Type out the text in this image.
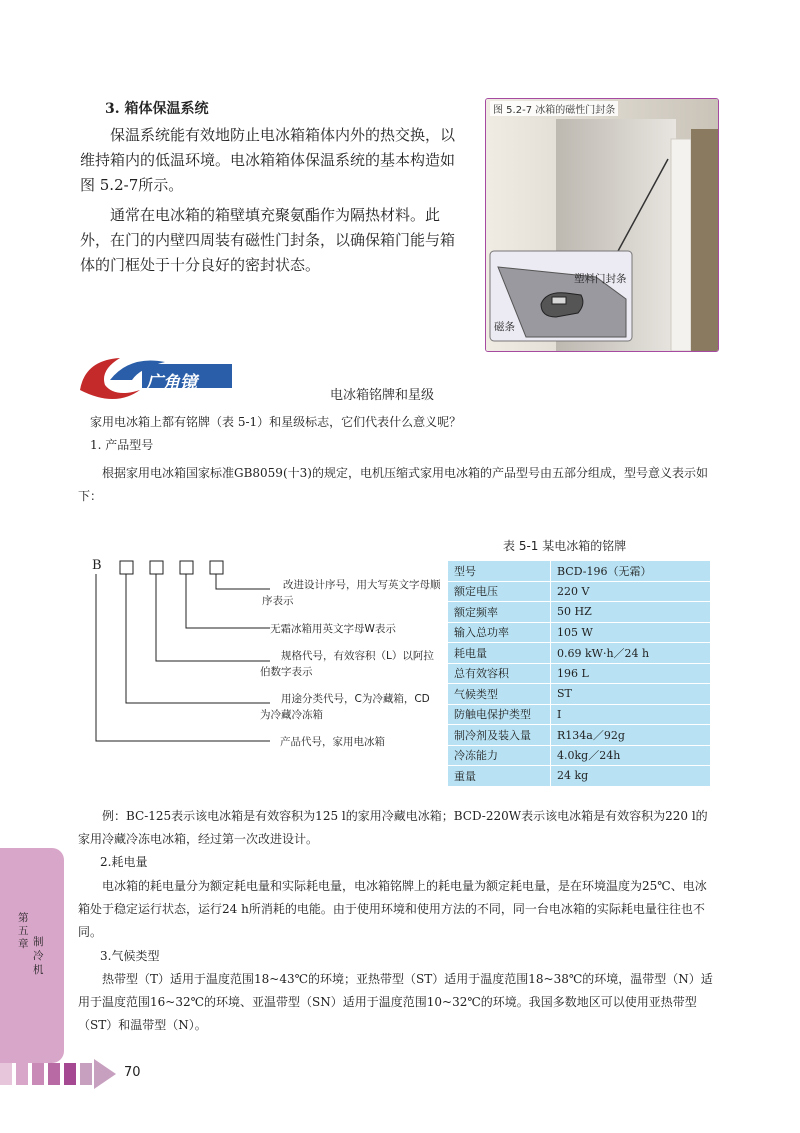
3. 箱体保温系统

保温系统能有效地防止电冰箱箱体内外的热交换，以维持箱内的低温环境。电冰箱箱体保温系统的基本构造如图 5.2-7所示。

通常在电冰箱的箱壁填充聚氨酯作为隔热材料。此外，在门的内壁四周装有磁性门封条，以确保箱门能与箱体的门框处于十分良好的密封状态。

图 5.2-7 冰箱的磁性门封条
塑料门封条
磁条
广角镜
电冰箱铭牌和星级
家用电冰箱上都有铭牌（表 5-1）和星级标志，它们代表什么意义呢？
1. 产品型号
根据家用电冰箱国家标准GB8059(十3)的规定，电机压缩式家用电冰箱的产品型号由五部分组成，型号意义表示如下：
B
改进设计序号，用大写英文字母顺序表示
无霜冰箱用英文字母W表示
规格代号，有效容积（L）以阿拉伯数字表示
用途分类代号，C为冷藏箱，CD为冷藏冷冻箱
产品代号，家用电冰箱
表 5-1 某电冰箱的铭牌
型号	BCD-196（无霜）
额定电压	220 V
额定频率	50 HZ
输入总功率	105 W
耗电量	0.69 kW·h／24 h
总有效容积	196 L
气候类型	ST
防触电保护类型	I
制冷剂及装入量	R134a／92g
冷冻能力	4.0kg／24h
重量	24 kg
例：BC-125表示该电冰箱是有效容积为125 l的家用冷藏电冰箱；BCD-220W表示该电冰箱是有效容积为220 l的家用冷藏冷冻电冰箱，经过第一次改进设计。
2.耗电量
电冰箱的耗电量分为额定耗电量和实际耗电量，电冰箱铭牌上的耗电量为额定耗电量，是在环境温度为25℃、电冰箱处于稳定运行状态，运行24 h所消耗的电能。由于使用环境和使用方法的不同，同一台电冰箱的实际耗电量往往也不同。
3.气候类型
热带型（T）适用于温度范围18~43℃的环境；亚热带型（ST）适用于温度范围18~38℃的环境，温带型（N）适用于温度范围16~32℃的环境、亚温带型（SN）适用于温度范围10~32℃的环境。我国多数地区可以使用亚热带型（ST）和温带型（N）。
第五章 制冷机
70
